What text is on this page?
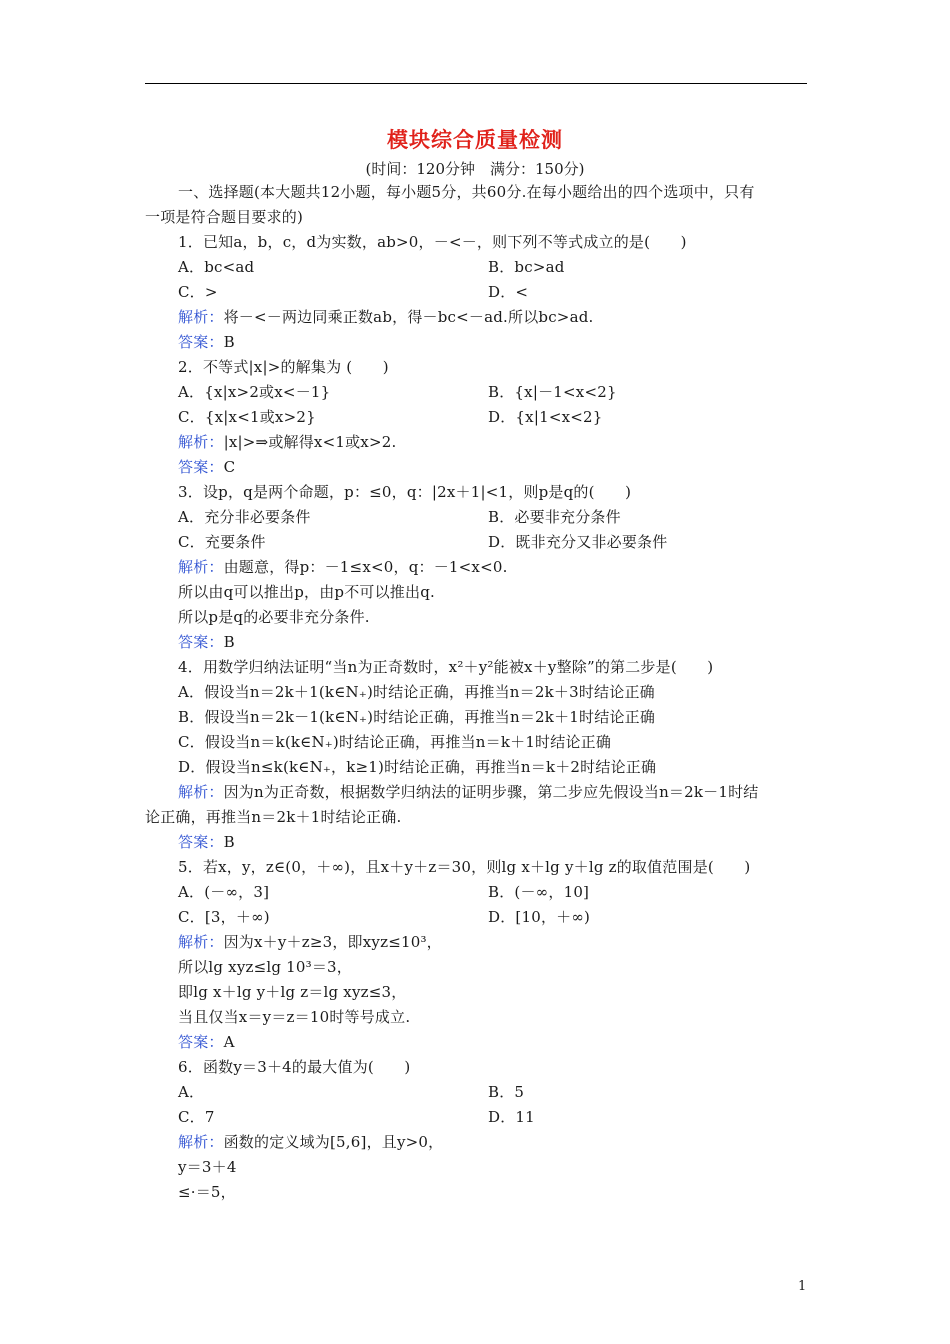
模块综合质量检测
(时间：120分钟　满分：150分)
一、选择题(本大题共12小题，每小题5分，共60分.在每小题给出的四个选项中，只有
一项是符合题目要求的)
1．已知a，b，c，d为实数，ab>0，－<－，则下列不等式成立的是(　　)
A．bc<ad	B．bc>ad
C．>	D．<
解析：将－<－两边同乘正数ab，得－bc<－ad.所以bc>ad.
答案：B
2．不等式|x|>的解集为 (　　)
A．{x|x>2或x<－1}	B．{x|－1<x<2}
C．{x|x<1或x>2}	D．{x|1<x<2}
解析：|x|>⇒或解得x<1或x>2.
答案：C
3．设p，q是两个命题，p：≤0，q：|2x＋1|<1，则p是q的(　　)
A．充分非必要条件	B．必要非充分条件
C．充要条件	D．既非充分又非必要条件
解析：由题意，得p：－1≤x<0，q：－1<x<0.
所以由q可以推出p，由p不可以推出q.
所以p是q的必要非充分条件.
答案：B
4．用数学归纳法证明“当n为正奇数时，x²＋y²能被x＋y整除”的第二步是(　　)
A．假设当n＝2k＋1(k∈N₊)时结论正确，再推当n＝2k＋3时结论正确
B．假设当n＝2k－1(k∈N₊)时结论正确，再推当n＝2k＋1时结论正确
C．假设当n＝k(k∈N₊)时结论正确，再推当n＝k＋1时结论正确
D．假设当n≤k(k∈N₊，k≥1)时结论正确，再推当n＝k＋2时结论正确
解析：因为n为正奇数，根据数学归纳法的证明步骤，第二步应先假设当n＝2k－1时结
论正确，再推当n＝2k＋1时结论正确.
答案：B
5．若x，y，z∈(0，＋∞)，且x＋y＋z＝30，则lg x＋lg y＋lg z的取值范围是(　　)
A．(－∞，3]	B．(－∞，10]
C．[3，＋∞)	D．[10，＋∞)
解析：因为x＋y＋z≥3，即xyz≤10³，
所以lg xyz≤lg 10³＝3，
即lg x＋lg y＋lg z＝lg xyz≤3，
当且仅当x＝y＝z＝10时等号成立.
答案：A
6．函数y＝3＋4的最大值为(　　)
A．	B．5
C．7	D．11
解析：函数的定义域为[5,6]，且y>0，
y＝3＋4
≤·＝5，
1
